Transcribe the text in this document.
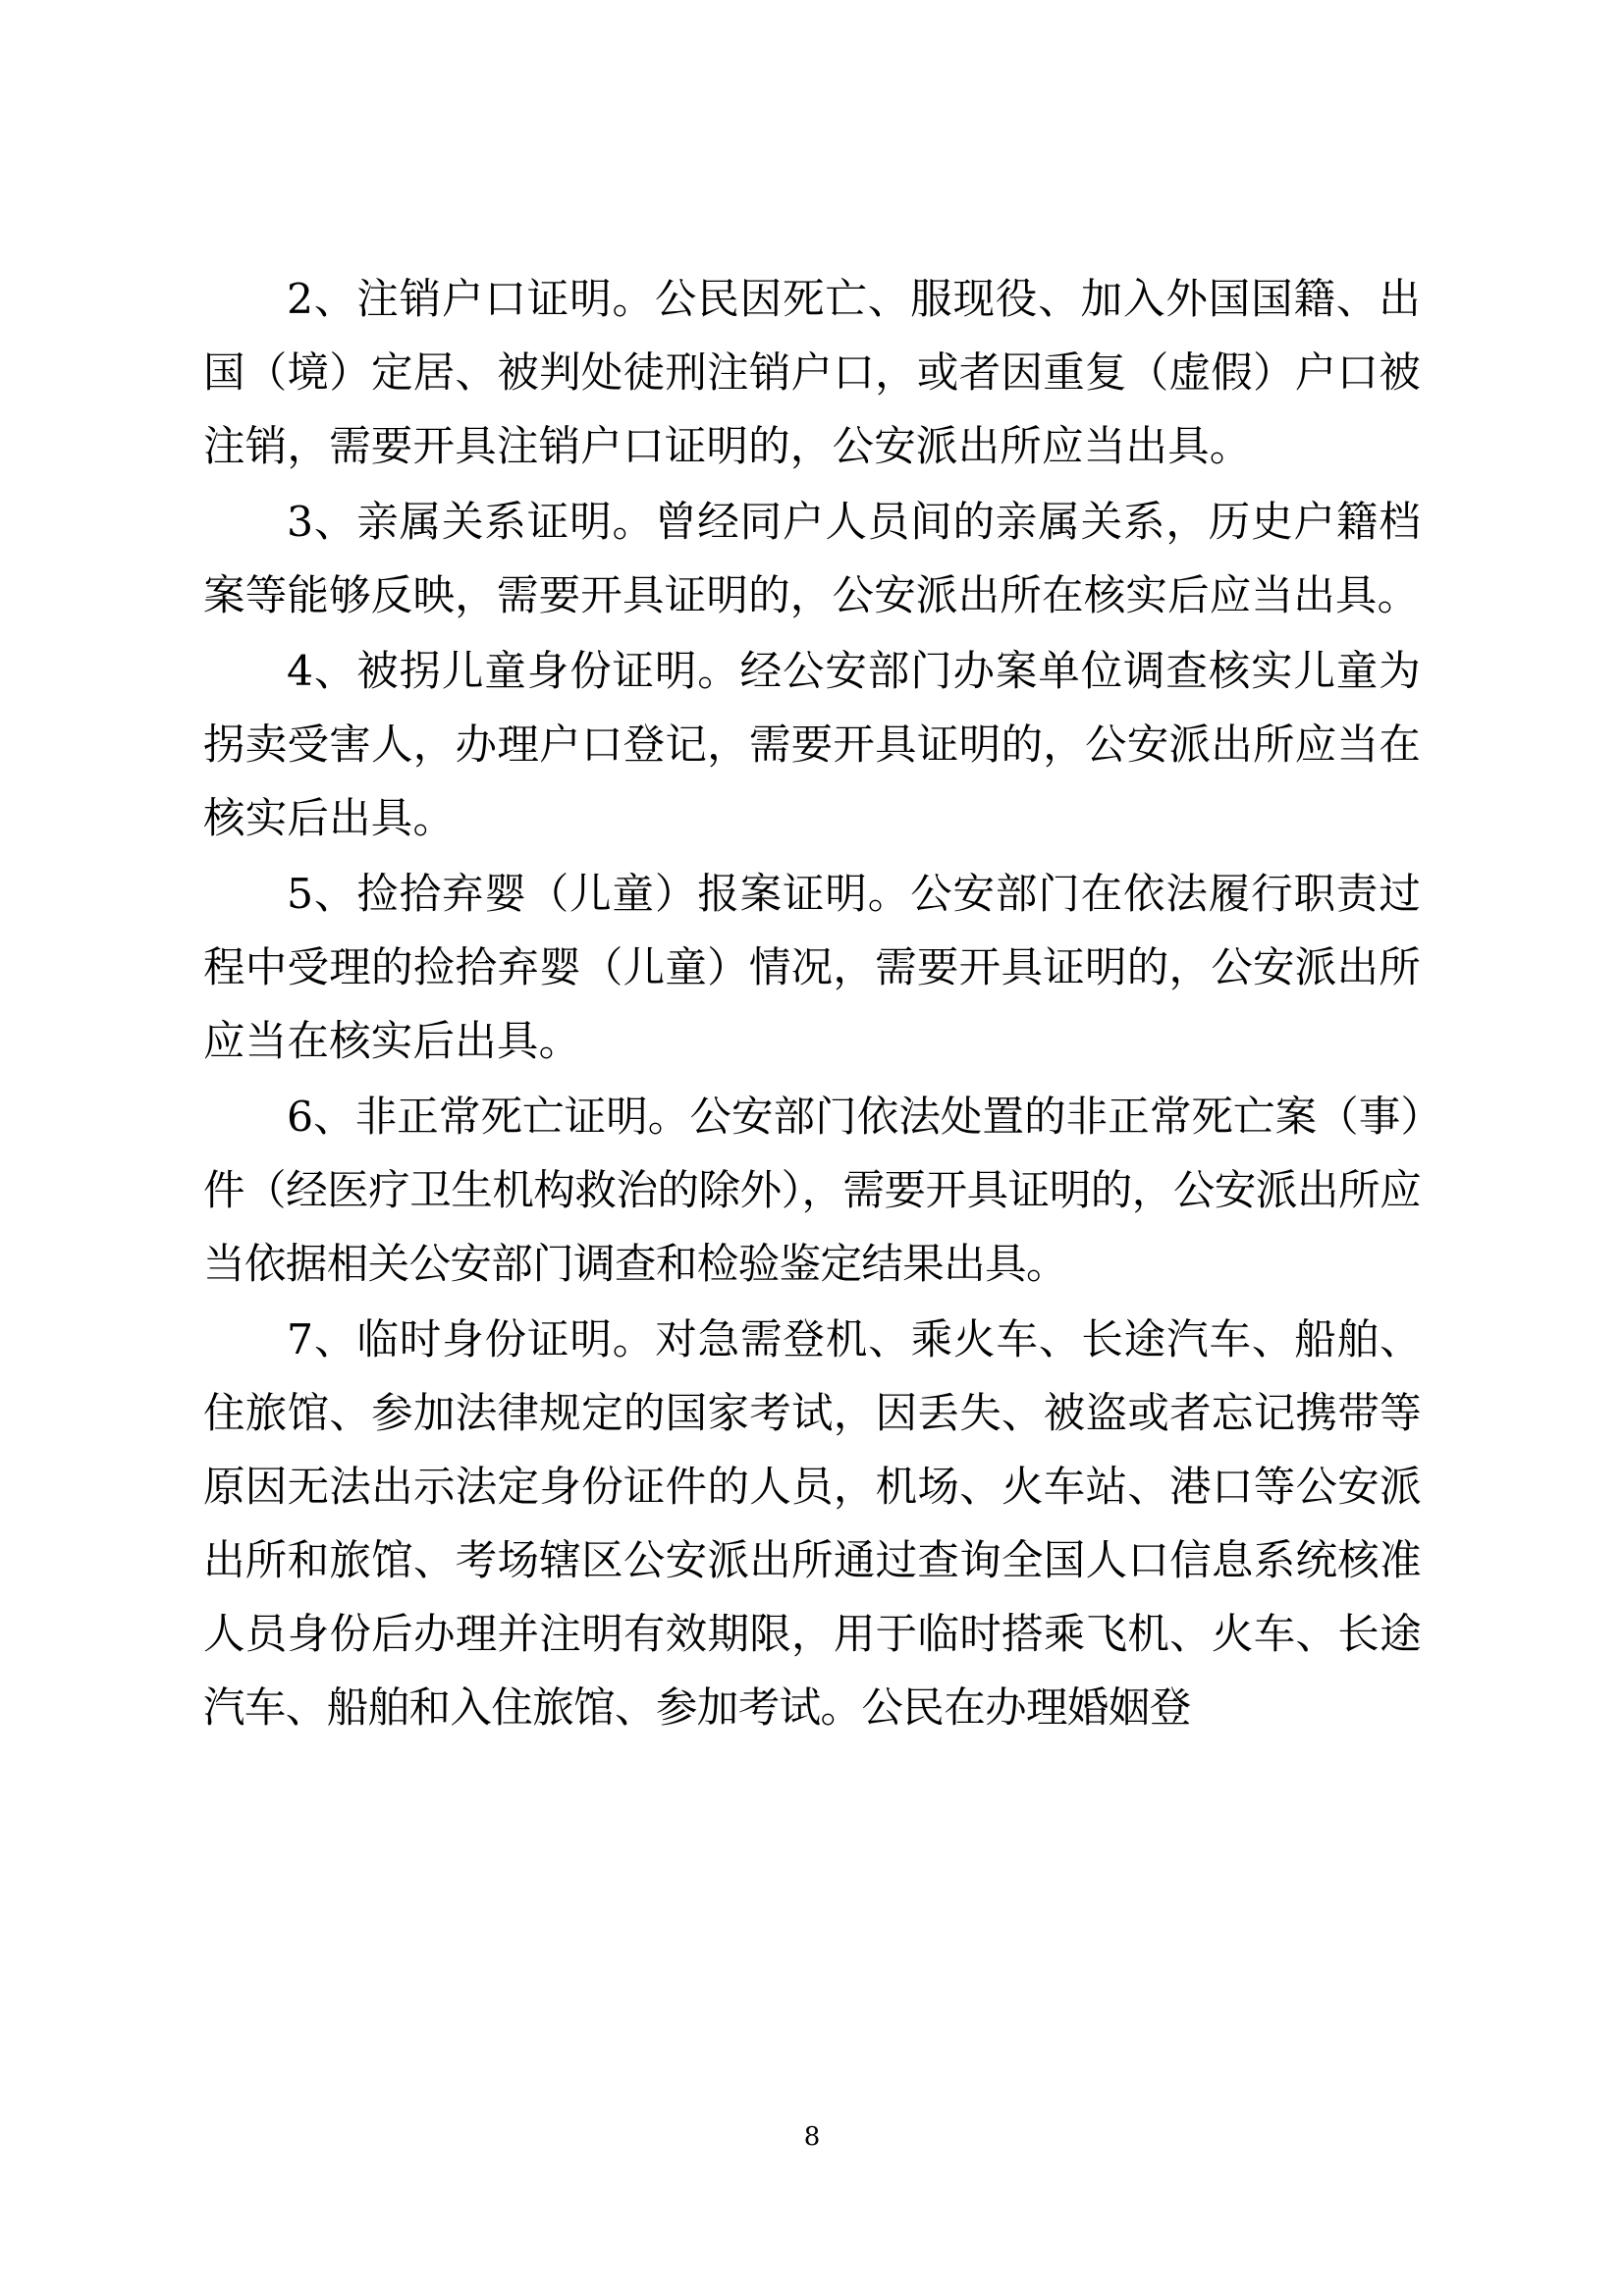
2、注销户口证明。公民因死亡、服现役、加入外国国籍、出国（境）定居、被判处徒刑注销户口，或者因重复（虚假）户口被注销，需要开具注销户口证明的，公安派出所应当出具。

3、亲属关系证明。曾经同户人员间的亲属关系，历史户籍档案等能够反映，需要开具证明的，公安派出所在核实后应当出具。

4、被拐儿童身份证明。经公安部门办案单位调查核实儿童为拐卖受害人，办理户口登记，需要开具证明的，公安派出所应当在核实后出具。

5、捡拾弃婴（儿童）报案证明。公安部门在依法履行职责过程中受理的捡拾弃婴（儿童）情况，需要开具证明的，公安派出所应当在核实后出具。

6、非正常死亡证明。公安部门依法处置的非正常死亡案（事）件（经医疗卫生机构救治的除外），需要开具证明的，公安派出所应当依据相关公安部门调查和检验鉴定结果出具。

7、临时身份证明。对急需登机、乘火车、长途汽车、船舶、住旅馆、参加法律规定的国家考试，因丢失、被盗或者忘记携带等原因无法出示法定身份证件的人员，机场、火车站、港口等公安派出所和旅馆、考场辖区公安派出所通过查询全国人口信息系统核准人员身份后办理并注明有效期限，用于临时搭乘飞机、火车、长途汽车、船舶和入住旅馆、参加考试。公民在办理婚姻登

8
